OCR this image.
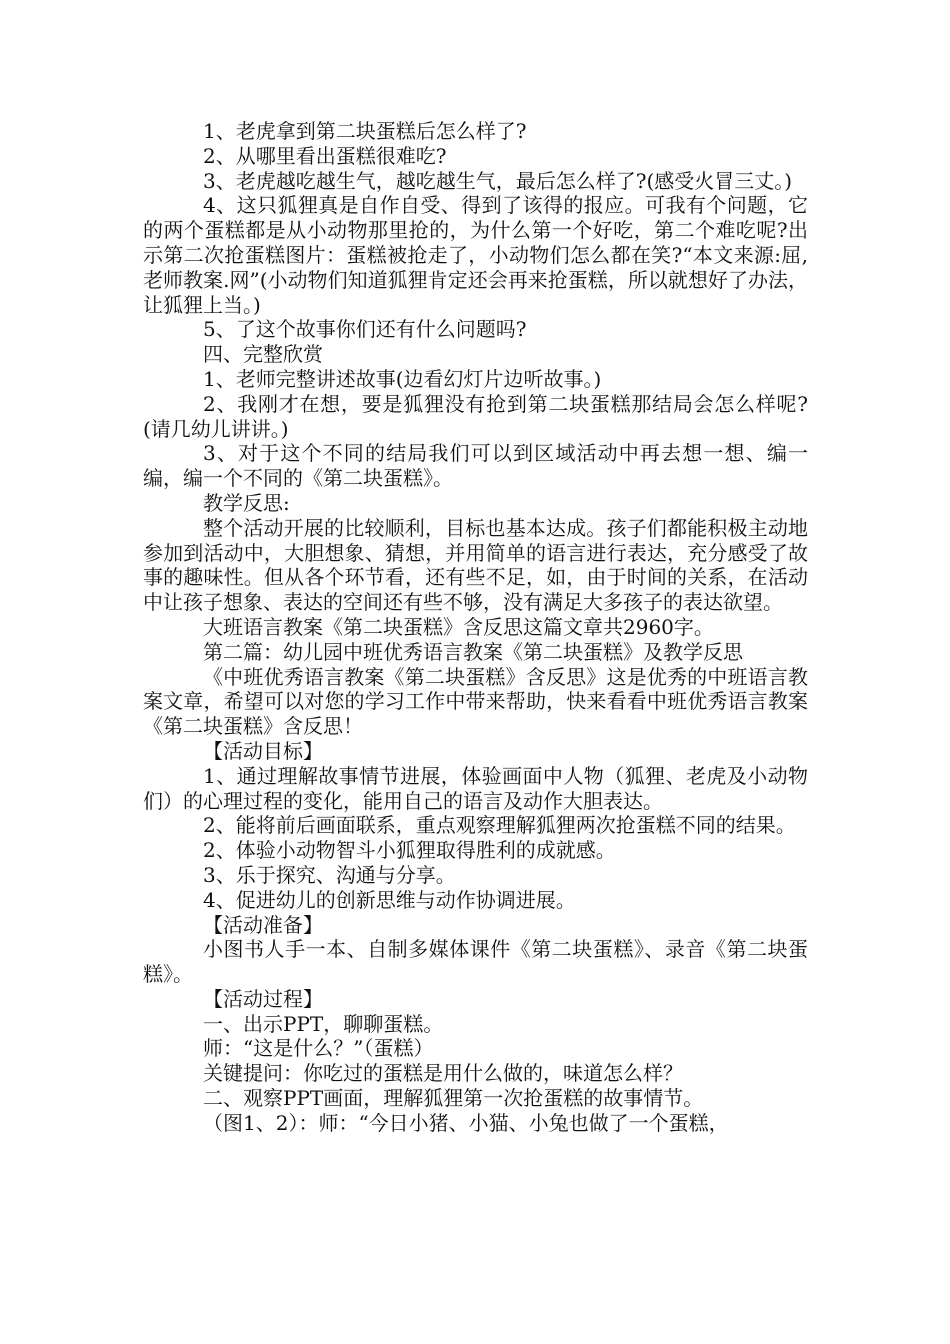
1、老虎拿到第二块蛋糕后怎么样了?

2、从哪里看出蛋糕很难吃?

3、老虎越吃越生气，越吃越生气，最后怎么样了?(感受火冒三丈。)

4、这只狐狸真是自作自受、得到了该得的报应。可我有个问题，它的两个蛋糕都是从小动物那里抢的，为什么第一个好吃，第二个难吃呢?出示第二次抢蛋糕图片：蛋糕被抢走了，小动物们怎么都在笑?“本文来源:屈,老师教案.网”(小动物们知道狐狸肯定还会再来抢蛋糕，所以就想好了办法，让狐狸上当。)

5、了这个故事你们还有什么问题吗?

四、完整欣赏

1、老师完整讲述故事(边看幻灯片边听故事。)

2、我刚才在想，要是狐狸没有抢到第二块蛋糕那结局会怎么样呢?(请几幼儿讲讲。)

3、对于这个不同的结局我们可以到区域活动中再去想一想、编一编，编一个不同的《第二块蛋糕》。

教学反思:

整个活动开展的比较顺利，目标也基本达成。孩子们都能积极主动地参加到活动中，大胆想象、猜想，并用简单的语言进行表达，充分感受了故事的趣味性。但从各个环节看，还有些不足，如，由于时间的关系，在活动中让孩子想象、表达的空间还有些不够，没有满足大多孩子的表达欲望。

大班语言教案《第二块蛋糕》含反思这篇文章共2960字。

第二篇：幼儿园中班优秀语言教案《第二块蛋糕》及教学反思

《中班优秀语言教案《第二块蛋糕》含反思》这是优秀的中班语言教案文章，希望可以对您的学习工作中带来帮助，快来看看中班优秀语言教案《第二块蛋糕》含反思！

【活动目标】

1、通过理解故事情节进展，体验画面中人物（狐狸、老虎及小动物们）的心理过程的变化，能用自己的语言及动作大胆表达。

2、能将前后画面联系，重点观察理解狐狸两次抢蛋糕不同的结果。

2、体验小动物智斗小狐狸取得胜利的成就感。

3、乐于探究、沟通与分享。

4、促进幼儿的创新思维与动作协调进展。

【活动准备】

小图书人手一本、自制多媒体课件《第二块蛋糕》、录音《第二块蛋糕》。

【活动过程】

一、出示PPT，聊聊蛋糕。

师：“这是什么？”（蛋糕）

关键提问：你吃过的蛋糕是用什么做的，味道怎么样？

二、观察PPT画面，理解狐狸第一次抢蛋糕的故事情节。

（图1、2）：师：“今日小猪、小猫、小兔也做了一个蛋糕，
